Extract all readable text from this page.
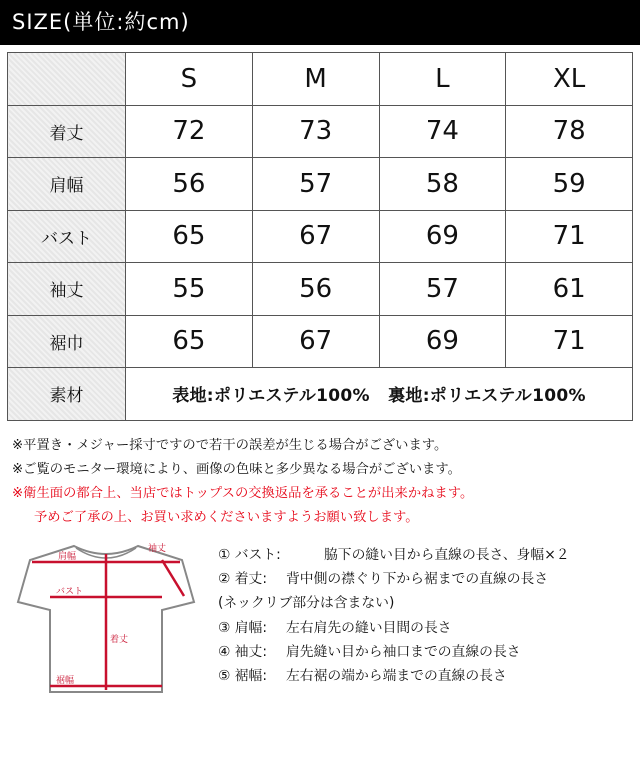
SIZE(単位:約cm)
	S	M	L	XL
着丈	72	73	74	78
肩幅	56	57	58	59
バスト	65	67	69	71
袖丈	55	56	57	61
裾巾	65	67	69	71
素材	表地:ポリエステル100% 裏地:ポリエステル100%			
※平置き・メジャー採寸ですので若干の誤差が生じる場合がございます。
※ご覧のモニター環境により、画像の色味と多少異なる場合がございます。
※衛生面の都合上、当店ではトップスの交換返品を承ることが出来かねます。
予めご了承の上、お買い求めくださいますようお願い致します。
袖丈
肩幅
バスト
着丈
裾幅
① バスト:	脇下の縫い目から直線の長さ、身幅×２
② 着丈: 背中側の襟ぐり下から裾までの直線の長さ
(ネックリブ部分は含まない)
③ 肩幅: 左右肩先の縫い目間の長さ
④ 袖丈: 肩先縫い目から袖口までの直線の長さ
⑤ 裾幅: 左右裾の端から端までの直線の長さ
